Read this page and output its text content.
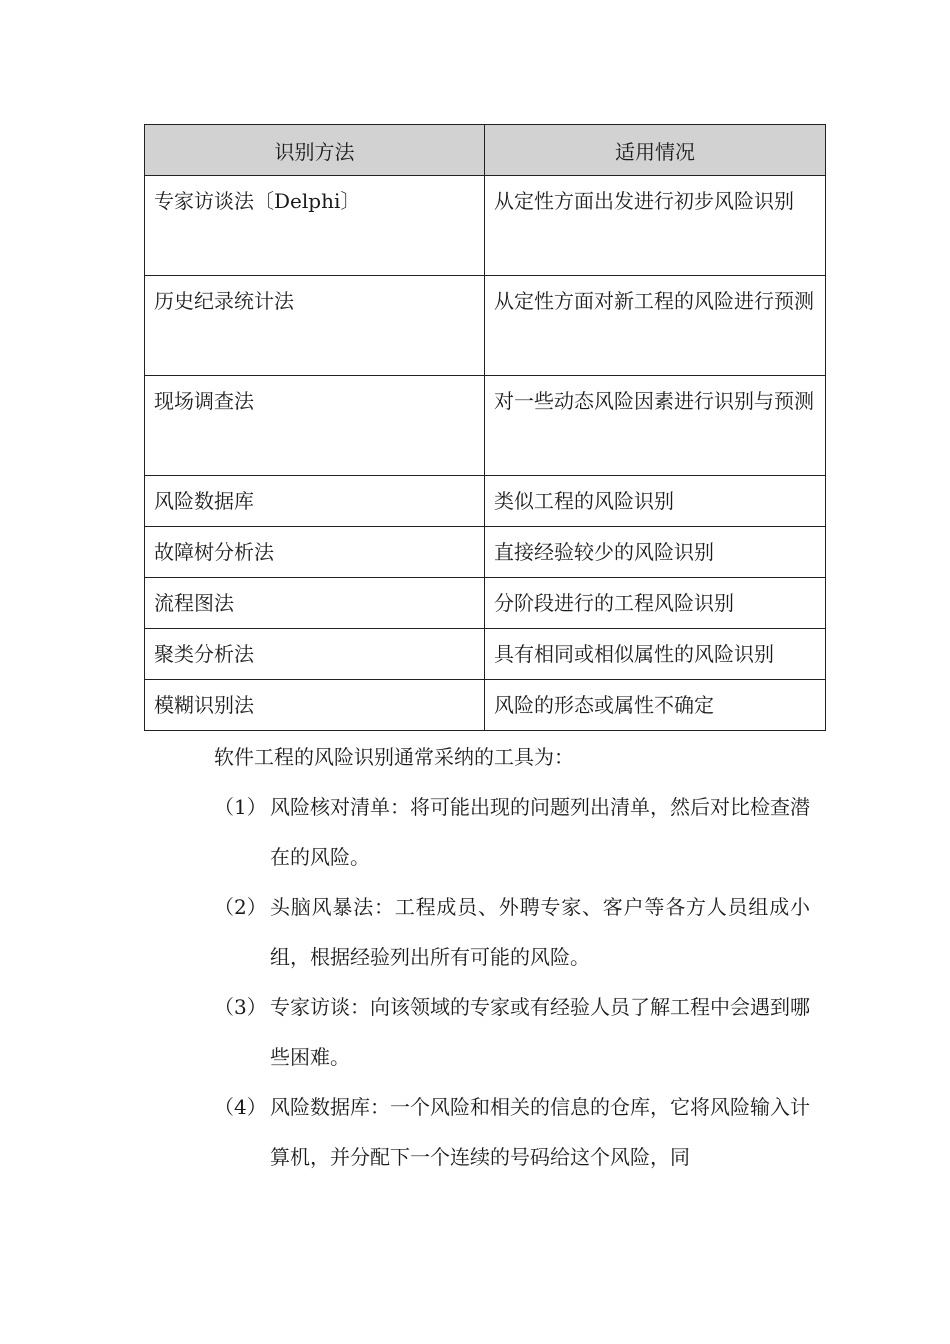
识别方法	适用情况
专家访谈法〔Delphi〕	从定性方面出发进行初步风险识别
历史纪录统计法	从定性方面对新工程的风险进行预测
现场调查法	对一些动态风险因素进行识别与预测
风险数据库	类似工程的风险识别
故障树分析法	直接经验较少的风险识别
流程图法	分阶段进行的工程风险识别
聚类分析法	具有相同或相似属性的风险识别
模糊识别法	风险的形态或属性不确定

软件工程的风险识别通常采纳的工具为：

（1） 风险核对清单：将可能出现的问题列出清单，然后对比检查潜在的风险。

（2） 头脑风暴法：工程成员、外聘专家、客户等各方人员组成小组，根据经验列出所有可能的风险。

（3） 专家访谈：向该领域的专家或有经验人员了解工程中会遇到哪些困难。

（4） 风险数据库：一个风险和相关的信息的仓库，它将风险输入计算机，并分配下一个连续的号码给这个风险，同
